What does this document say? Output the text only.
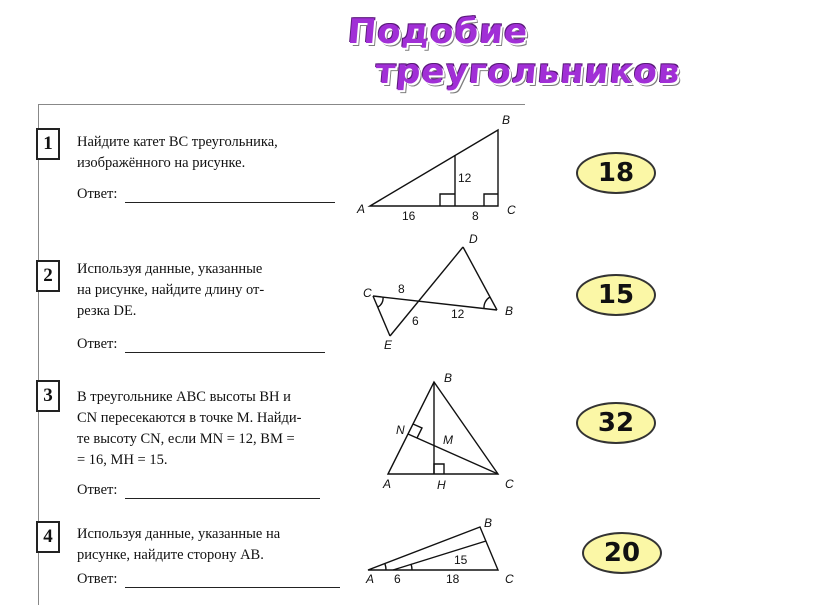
Подобие
треугольников
1	Найдите катет BC треугольника,
изображённого на рисунке.
Ответ:
2	Используя данные, указанные
на рисунке, найдите длину от-
резка DE.
Ответ:
3	В треугольнике ABC высоты BH и
CN пересекаются в точке M. Найди-
те высоту CN, если MN = 12, BM =
= 16, MH = 15.
Ответ:
4	Используя данные, указанные на
рисунке, найдите сторону AB.
Ответ:
18
15
32
20
A
B
C
12
16	8
C
D
E
B
8
6	12
A
B
C
N
M
H
A
B
C
6	18
15
